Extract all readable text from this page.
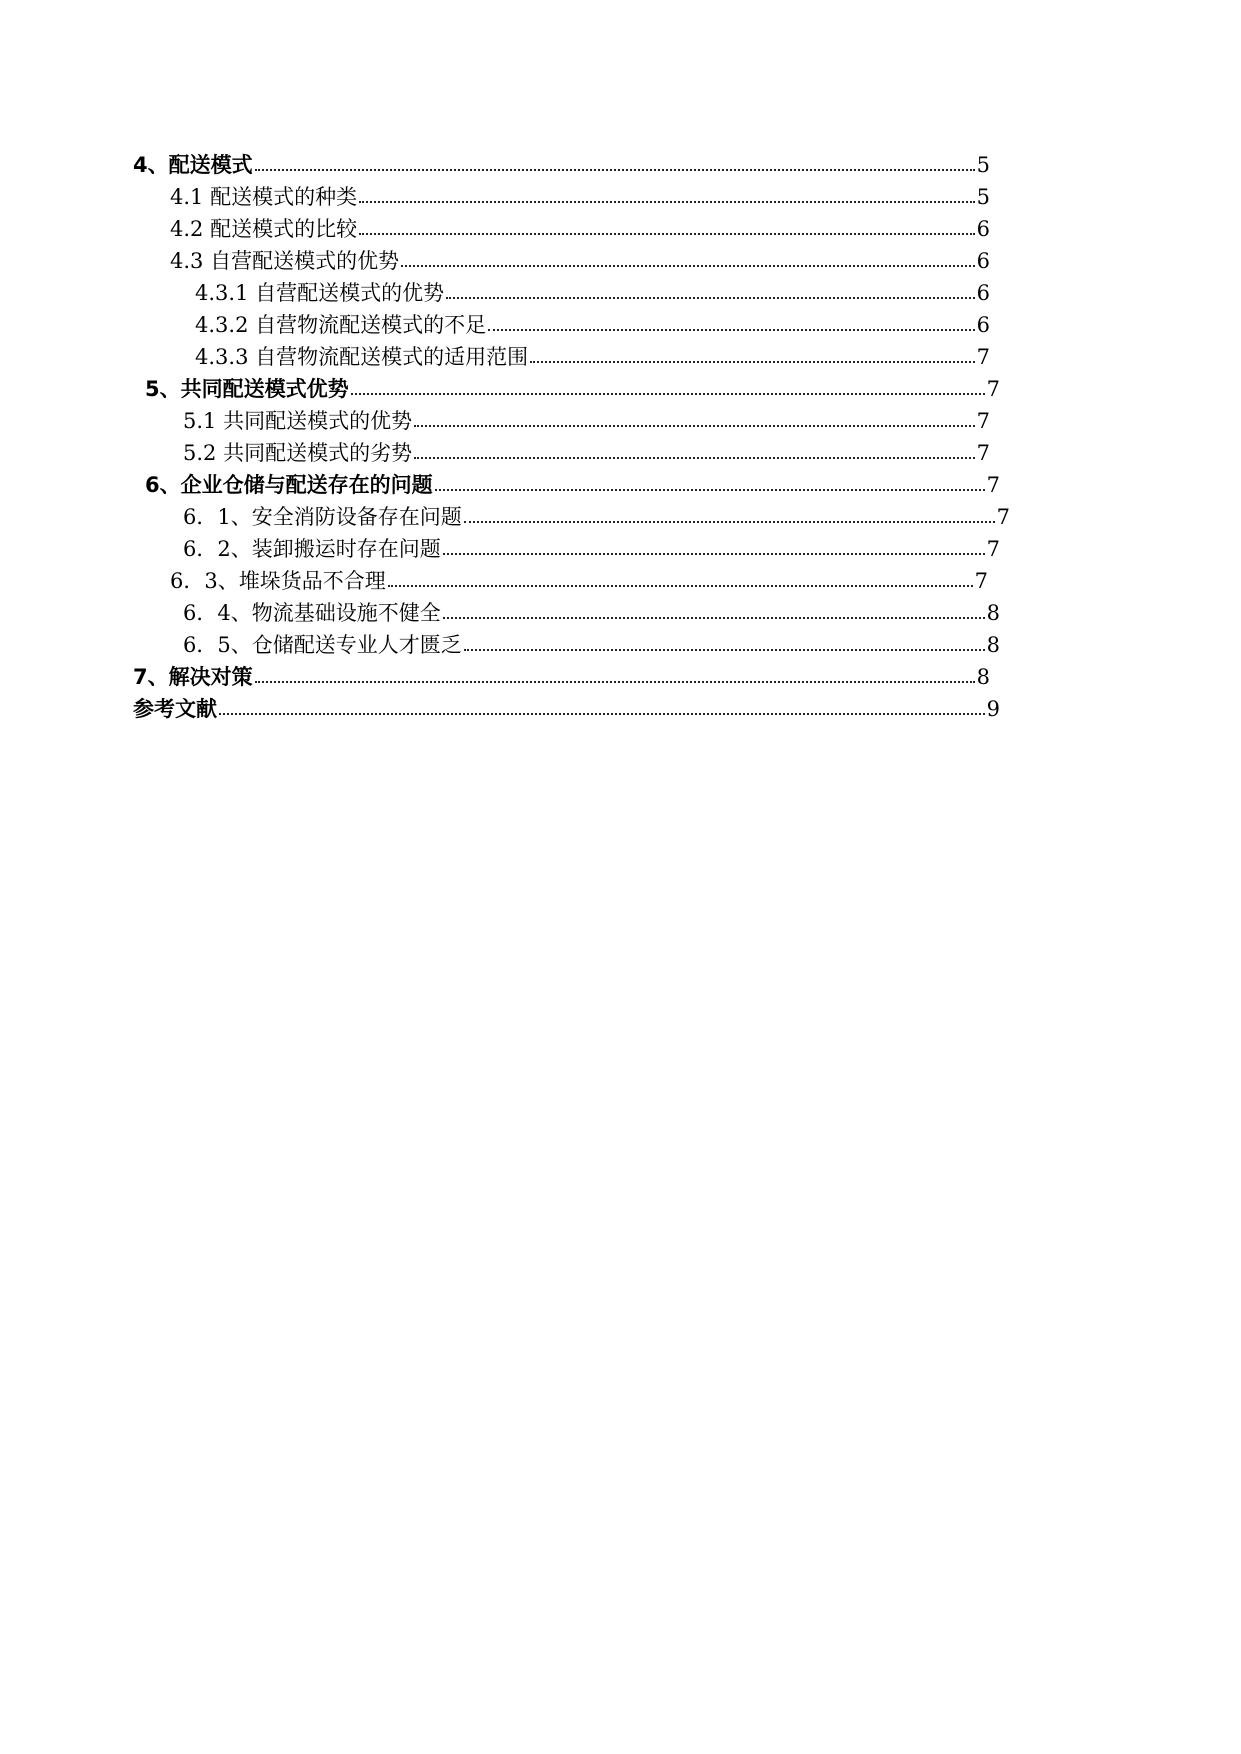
4、配送模式	5
4.1 配送模式的种类	5
4.2 配送模式的比较	6
4.3 自营配送模式的优势	6
4.3.1 自营配送模式的优势	6
4.3.2 自营物流配送模式的不足	6
4.3.3 自营物流配送模式的适用范围	7
5、共同配送模式优势	7
5.1 共同配送模式的优势	7
5.2 共同配送模式的劣势	7
6、企业仓储与配送存在的问题	7
6．1、安全消防设备存在问题	7
6．2、装卸搬运时存在问题	7
6．3、堆垛货品不合理	7
6．4、物流基础设施不健全	8
6．5、仓储配送专业人才匮乏	8
7、解决对策	8
参考文献	9
